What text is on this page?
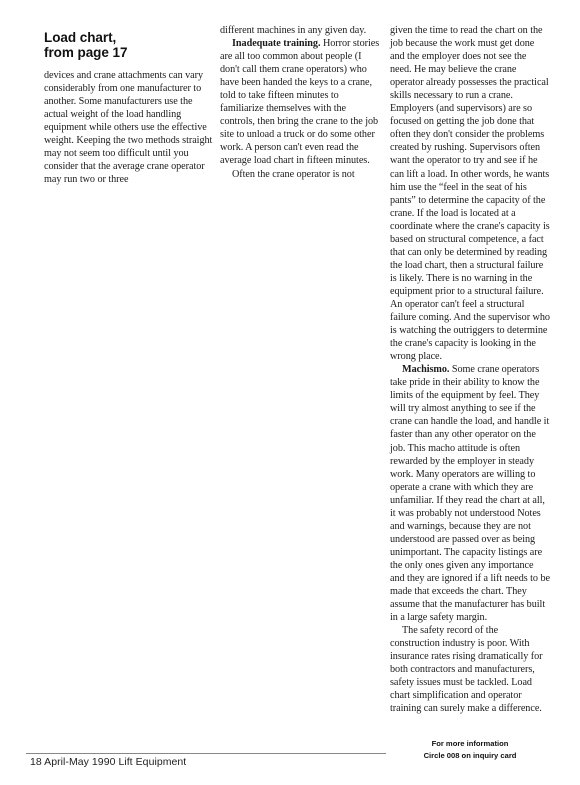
Load chart,
from page 17

devices and crane attachments can vary considerably from one manufacturer to another. Some manufacturers use the actual weight of the load handling equipment while others use the effective weight. Keeping the two methods straight may not seem too difficult until you consider that the average crane operator may run two or three

different machines in any given day.

Inadequate training. Horror stories are all too common about people (I don't call them crane operators) who have been handed the keys to a crane, told to take fifteen minutes to familiarize themselves with the controls, then bring the crane to the job site to unload a truck or do some other work. A person can't even read the average load chart in fifteen minutes.

Often the crane operator is not

given the time to read the chart on the job because the work must get done and the employer does not see the need. He may believe the crane operator already possesses the practical skills necessary to run a crane. Employers (and supervisors) are so focused on getting the job done that often they don't consider the problems created by rushing. Supervisors often want the operator to try and see if he can lift a load. In other words, he wants him use the “feel in the seat of his pants” to determine the capacity of the crane. If the load is located at a coordinate where the crane's capacity is based on structural competence, a fact that can only be determined by reading the load chart, then a structural failure is likely. There is no warning in the equipment prior to a structural failure. An operator can't feel a structural failure coming. And the supervisor who is watching the outriggers to determine the crane's capacity is looking in the wrong place.

Machismo. Some crane operators take pride in their ability to know the limits of the equipment by feel. They will try almost anything to see if the crane can handle the load, and handle it faster than any other operator on the job. This macho attitude is often rewarded by the employer in steady work. Many operators are willing to operate a crane with which they are unfamiliar. If they read the chart at all, it was probably not understood Notes and warnings, because they are not understood are passed over as being unimportant. The capacity listings are the only ones given any importance and they are ignored if a lift needs to be made that exceeds the chart. They assume that the manufacturer has built in a large safety margin.

The safety record of the construction industry is poor. With insurance rates rising dramatically for both contractors and manufacturers, safety issues must be tackled. Load chart simplification and operator training can surely make a difference.

For more information
Circle 008 on inquiry card
18 April-May 1990 Lift Equipment
